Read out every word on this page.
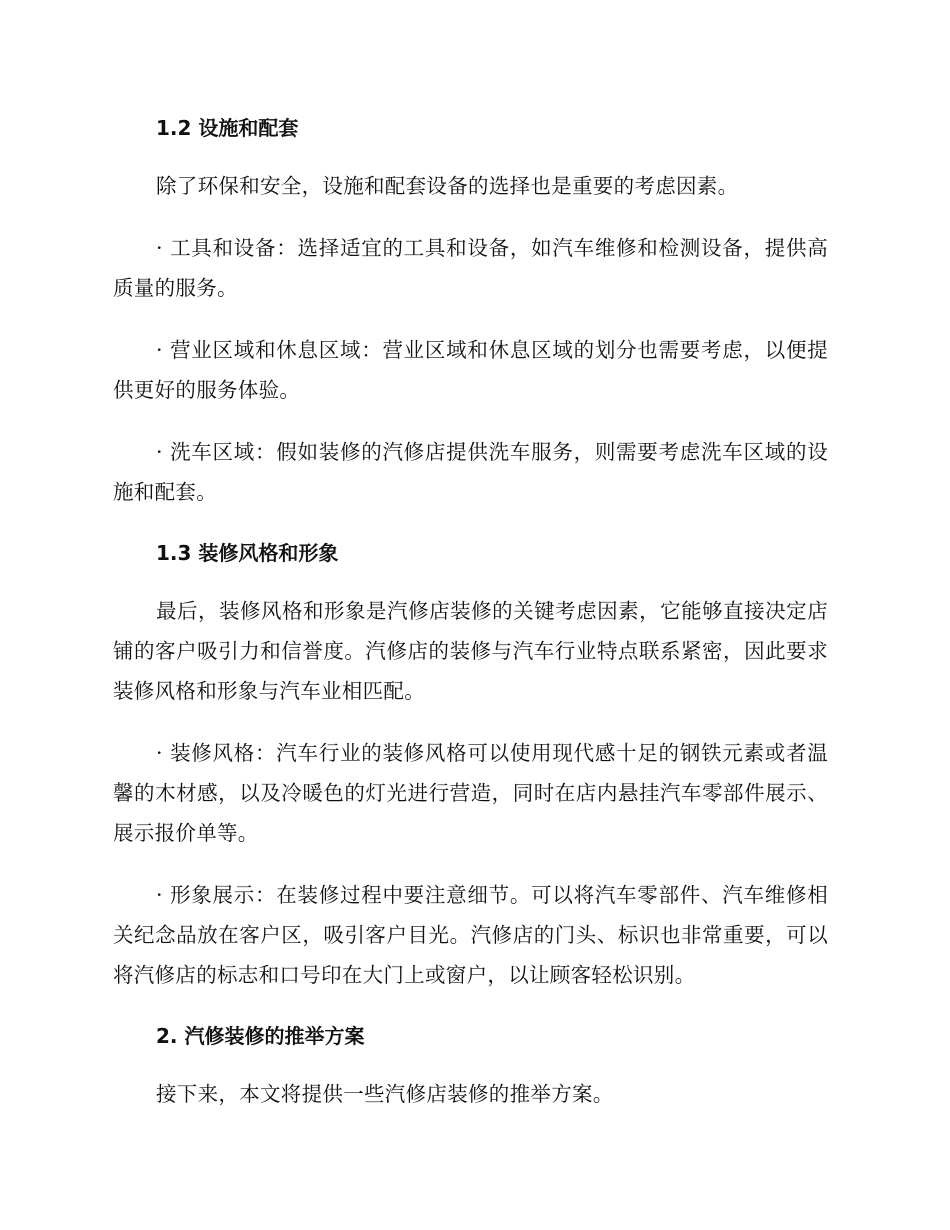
1.2 设施和配套

除了环保和安全，设施和配套设备的选择也是重要的考虑因素。

· 工具和设备：选择适宜的工具和设备，如汽车维修和检测设备，提供高质量的服务。

· 营业区域和休息区域：营业区域和休息区域的划分也需要考虑，以便提供更好的服务体验。

· 洗车区域：假如装修的汽修店提供洗车服务，则需要考虑洗车区域的设施和配套。

1.3 装修风格和形象

最后，装修风格和形象是汽修店装修的关键考虑因素，它能够直接决定店铺的客户吸引力和信誉度。汽修店的装修与汽车行业特点联系紧密，因此要求装修风格和形象与汽车业相匹配。

· 装修风格：汽车行业的装修风格可以使用现代感十足的钢铁元素或者温馨的木材感，以及冷暖色的灯光进行营造，同时在店内悬挂汽车零部件展示、展示报价单等。

· 形象展示：在装修过程中要注意细节。可以将汽车零部件、汽车维修相关纪念品放在客户区，吸引客户目光。汽修店的门头、标识也非常重要，可以将汽修店的标志和口号印在大门上或窗户，以让顾客轻松识别。

2. 汽修装修的推举方案

接下来，本文将提供一些汽修店装修的推举方案。
